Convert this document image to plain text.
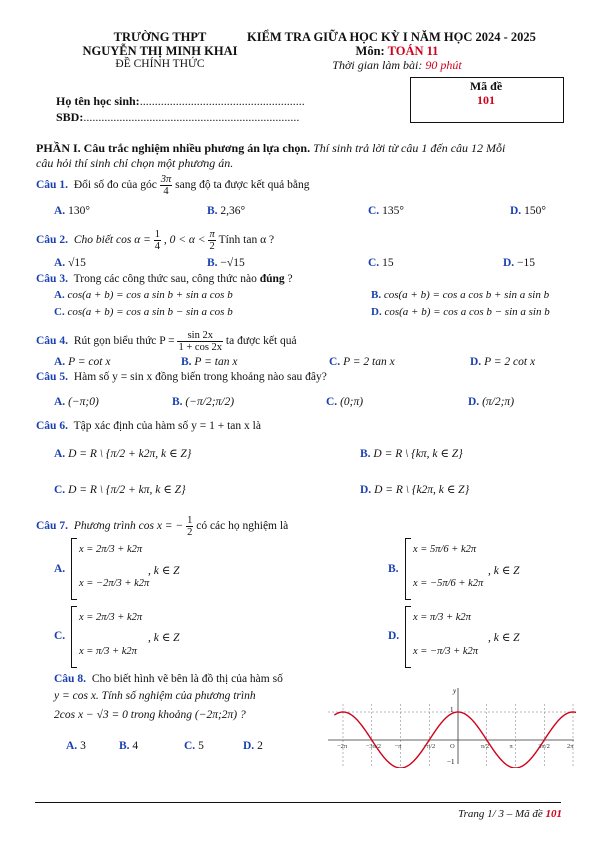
TRƯỜNG THPT
NGUYỄN THỊ MINH KHAI
ĐỀ CHÍNH THỨC
KIỂM TRA GIỮA HỌC KỲ I NĂM HỌC 2024 - 2025
Môn: TOÁN 11
Thời gian làm bài: 90 phút
Mã đề
101
Họ tên học sinh:.......................................................
SBD:........................................................................
PHẦN I. Câu trắc nghiệm nhiều phương án lựa chọn. Thí sinh trả lời từ câu 1 đến câu 12 Mỗi
câu hỏi thí sinh chỉ chọn một phương án.
Câu 1. Đổi số đo của góc $\frac{3\pi}{4}$ sang độ ta được kết quả bằng
A. 130°	B. 2,36°	C. 135°	D. 150°
Câu 2. Cho biết $\cos \alpha = \frac{1}{4}$ , $0 < \alpha < \frac{\pi}{2}$ Tính tan α ?
A. √15	B. −√15	C. 15	D. −15
Câu 3. Trong các công thức sau, công thức nào đúng ?
A. cos(a + b) = cos a sin b + sin a cos b	B. cos(a + b) = cos a cos b + sin a sin b
C. cos(a + b) = cos a sin b − sin a cos b	D. cos(a + b) = cos a cos b − sin a sin b
Câu 4. Rút gọn biểu thức $P = \frac{\sin 2x}{1 + \cos 2x}$ ta được kết quả
A. P = cot x	B. P = tan x	C. P = 2 tan x	D. P = 2 cot x
Câu 5. Hàm số y = sin x đồng biến trong khoảng nào sau đây?
A. (−π;0)	B. (−π/2;π/2)	C. (0;π)	D. (π/2;π)
Câu 6. Tập xác định của hàm số y = 1 + tan x là
A. D = R \ {π/2 + k2π, k ∈ Z}	B. D = R \ {kπ, k ∈ Z}
C. D = R \ {π/2 + kπ, k ∈ Z}	D. D = R \ {k2π, k ∈ Z}
Câu 7. Phương trình cos x = − $\frac{1}{2}$ có các họ nghiệm là
A.
x = 2π/3 + k2π
x = −2π/3 + k2π
, k ∈ Z	B.
x = 5π/6 + k2π
x = −5π/6 + k2π
, k ∈ Z
C.
x = 2π/3 + k2π
x = π/3 + k2π
, k ∈ Z	D.
x = π/3 + k2π
x = −π/3 + k2π
, k ∈ Z
Câu 8. Cho biết hình vẽ bên là đồ thị của hàm số
y = cos x. Tính số nghiệm của phương trình
2cos x − √3 = 0 trong khoảng (−2π;2π) ?
A. 3	B. 4	C. 5	D. 2	−2π	−3π/2 −π	−π/2 O	π/2	π	3π/2	2π
y
1
−1
Trang 1/ 3 – Mã đề 101
